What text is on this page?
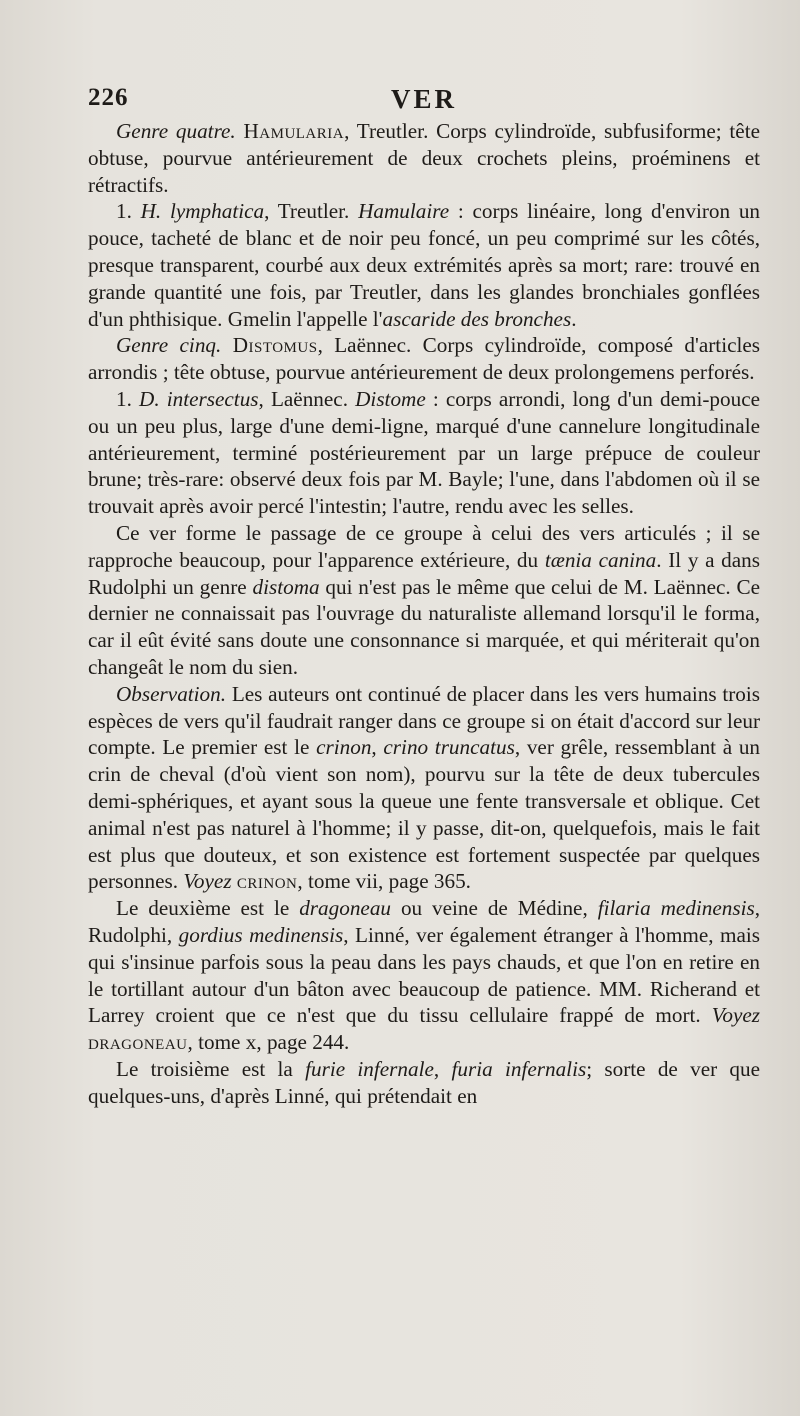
226	VER

Genre quatre. Hamularia, Treutler. Corps cylindroïde, subfusiforme; tête obtuse, pourvue antérieurement de deux crochets pleins, proéminens et rétractifs.

1. H. lymphatica, Treutler. Hamulaire : corps linéaire, long d'environ un pouce, tacheté de blanc et de noir peu foncé, un peu comprimé sur les côtés, presque transparent, courbé aux deux extrémités après sa mort; rare: trouvé en grande quantité une fois, par Treutler, dans les glandes bronchiales gonflées d'un phthisique. Gmelin l'appelle l'ascaride des bronches.

Genre cinq. Distomus, Laënnec. Corps cylindroïde, composé d'articles arrondis ; tête obtuse, pourvue antérieurement de deux prolongemens perforés.

1. D. intersectus, Laënnec. Distome : corps arrondi, long d'un demi-pouce ou un peu plus, large d'une demi-ligne, marqué d'une cannelure longitudinale antérieurement, terminé postérieurement par un large prépuce de couleur brune; très-rare: observé deux fois par M. Bayle; l'une, dans l'abdomen où il se trouvait après avoir percé l'intestin; l'autre, rendu avec les selles.

Ce ver forme le passage de ce groupe à celui des vers articulés ; il se rapproche beaucoup, pour l'apparence extérieure, du tænia canina. Il y a dans Rudolphi un genre distoma qui n'est pas le même que celui de M. Laënnec. Ce dernier ne connaissait pas l'ouvrage du naturaliste allemand lorsqu'il le forma, car il eût évité sans doute une consonnance si marquée, et qui mériterait qu'on changeât le nom du sien.

Observation. Les auteurs ont continué de placer dans les vers humains trois espèces de vers qu'il faudrait ranger dans ce groupe si on était d'accord sur leur compte. Le premier est le crinon, crino truncatus, ver grêle, ressemblant à un crin de cheval (d'où vient son nom), pourvu sur la tête de deux tubercules demi-sphériques, et ayant sous la queue une fente transversale et oblique. Cet animal n'est pas naturel à l'homme; il y passe, dit-on, quelquefois, mais le fait est plus que douteux, et son existence est fortement suspectée par quelques personnes. Voyez crinon, tome vii, page 365.

Le deuxième est le dragoneau ou veine de Médine, filaria medinensis, Rudolphi, gordius medinensis, Linné, ver également étranger à l'homme, mais qui s'insinue parfois sous la peau dans les pays chauds, et que l'on en retire en le tortillant autour d'un bâton avec beaucoup de patience. MM. Richerand et Larrey croient que ce n'est que du tissu cellulaire frappé de mort. Voyez dragoneau, tome x, page 244.

Le troisième est la furie infernale, furia infernalis; sorte de ver que quelques-uns, d'après Linné, qui prétendait en
